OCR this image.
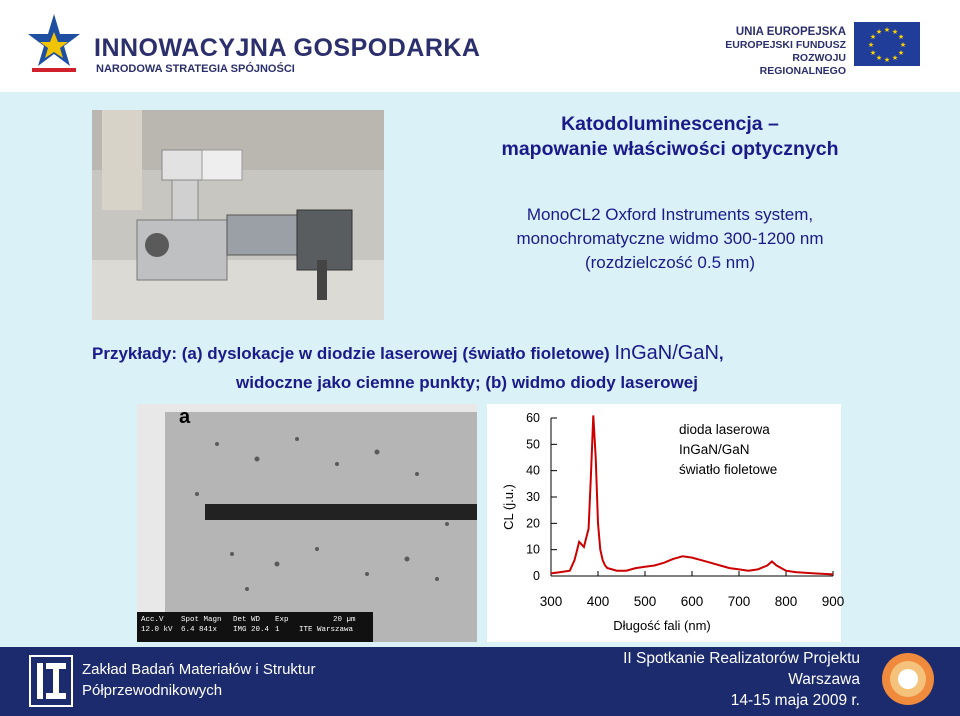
INNOWACYJNA GOSPODARKA
NARODOWA STRATEGIA SPÓJNOŚCI
UNIA EUROPEJSKA
EUROPEJSKI FUNDUSZ
ROZWOJU REGIONALNEGO
★ ★
★
★
★
★
★
★
★
★
★
★
Katodoluminescencja –
mapowanie właściwości optycznych
MonoCL2 Oxford Instruments system,
monochromatyczne widmo 300-1200 nm
(rozdzielczość 0.5 nm)
Przykłady: (a) dyslokacje w diodzie laserowej (światło fioletowe) InGaN/GaN,
widoczne jako ciemne punkty; (b) widmo diody laserowej
a
Acc.V
12.0 kV
Spot Magn
6.4 841x
Det WD
IMG 20.4
Exp
1
20 µm
ITE Warszawa
0
10
20
30
40
50
60
300 400 500 600 700 800 900
Długość fali (nm)
CL (j.u.)
dioda laserowa
InGaN/GaN
światło fioletowe
Zakład Badań Materiałów i Struktur
Półprzewodnikowych
II Spotkanie Realizatorów Projektu
Warszawa
14-15 maja 2009 r.
